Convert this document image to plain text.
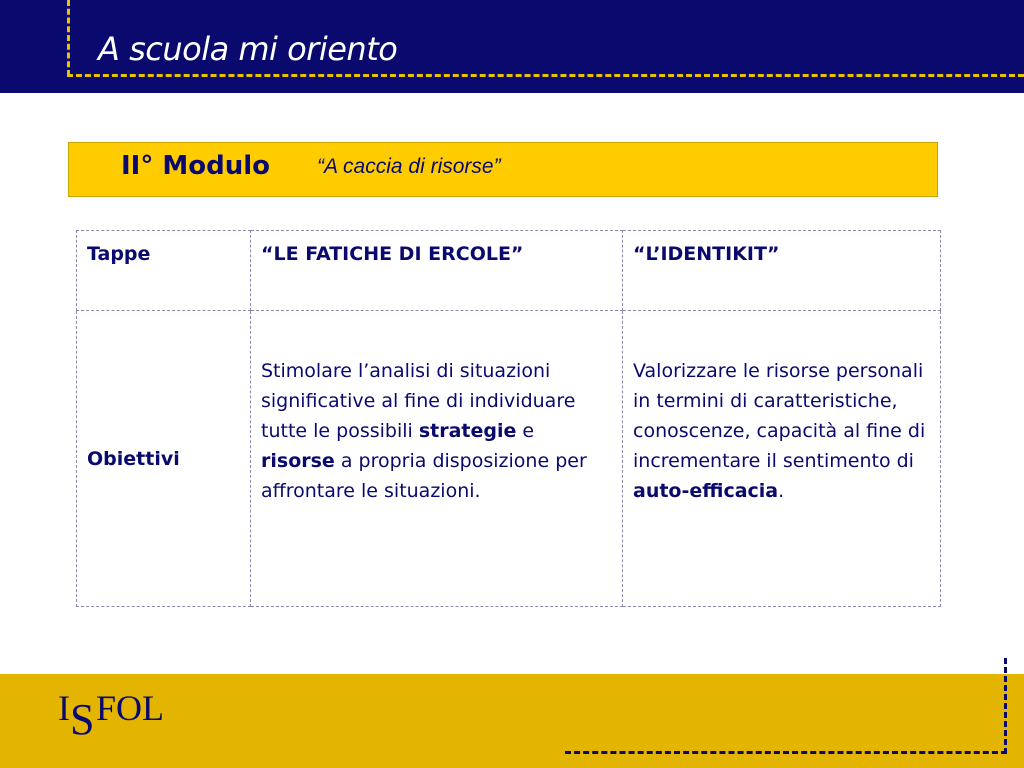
A scuola mi oriento
II° Modulo “A caccia di risorse”
Tappe	“LE FATICHE DI ERCOLE”	“L’IDENTIKIT”
Obiettivi	Stimolare l’analisi di situazioni significative al fine di individuare tutte le possibili strategie e risorse a propria disposizione per affrontare le situazioni.	Valorizzare le risorse personali in termini di caratteristiche, conoscenze, capacità al fine di incrementare il sentimento di auto-efficacia.
I S FOL
